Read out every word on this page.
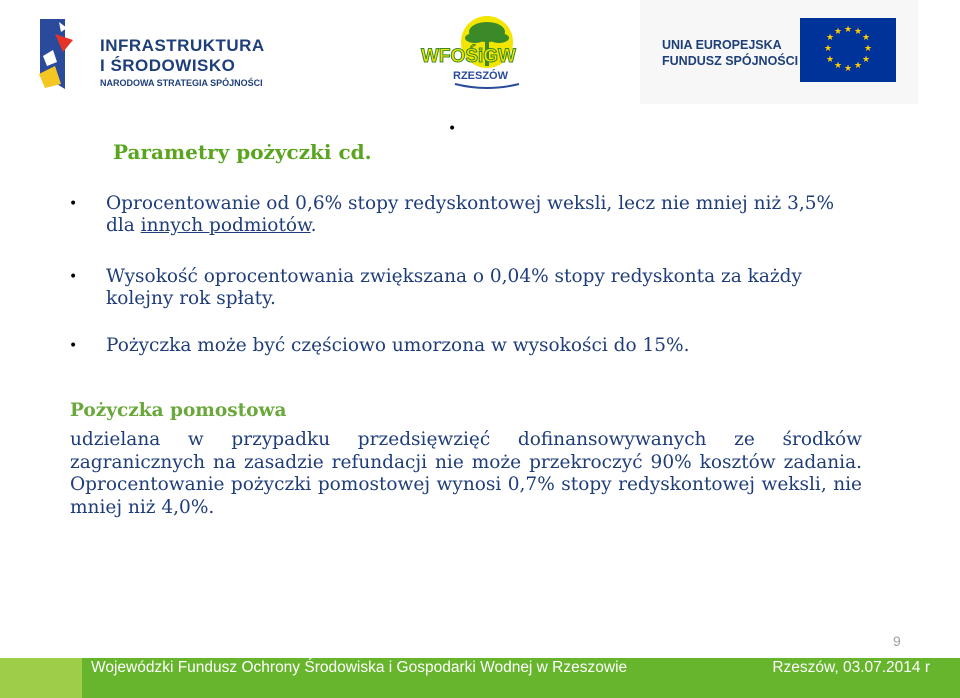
INFRASTRUKTURA
I ŚRODOWISKO
NARODOWA STRATEGIA SPÓJNOŚCI
WFOŚiGW
RZESZÓW
UNIA EUROPEJSKA
FUNDUSZ SPÓJNOŚCI
★ ★
★
★
★
★
★
★
★
★
★
★
•
Parametry pożyczki cd.
• Oprocentowanie od 0,6% stopy redyskontowej weksli, lecz nie mniej niż 3,5% dla innych podmiotów.
• Wysokość oprocentowania zwiększana o 0,04% stopy redyskonta za każdy kolejny rok spłaty.
• Pożyczka może być częściowo umorzona w wysokości do 15%.
Pożyczka pomostowa
udzielana w przypadku przedsięwzięć dofinansowywanych ze środków zagranicznych na zasadzie refundacji nie może przekroczyć 90% kosztów zadania. Oprocentowanie pożyczki pomostowej wynosi 0,7% stopy redyskontowej weksli, nie mniej niż 4,0%.
9
Wojewódzki Fundusz Ochrony Środowiska i Gospodarki Wodnej w Rzeszowie	Rzeszów, 03.07.2014 r
